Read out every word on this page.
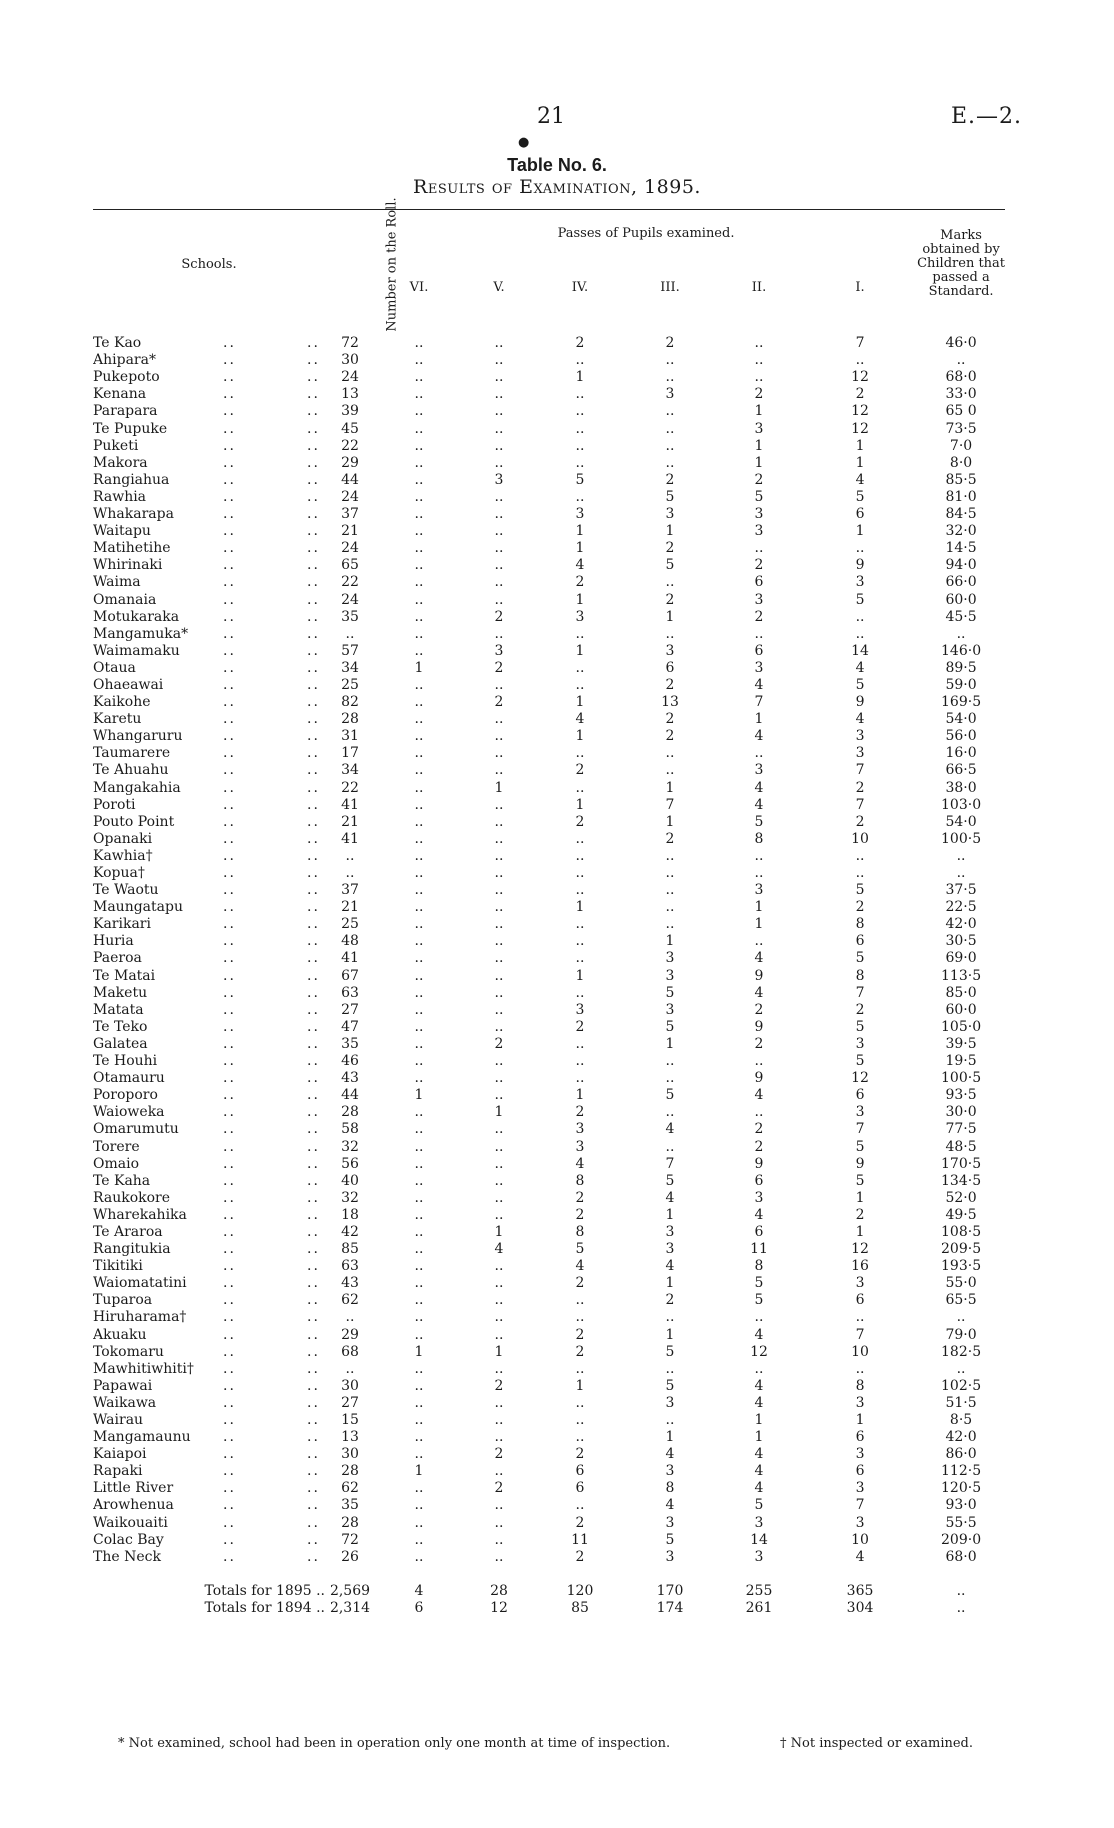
21	E.—2.
●
Table No. 6.
Results of Examination, 1895.
Schools.	Number on the Roll.	Passes of Pupils examined.						Marks obtained by Children that passed a Standard.
		VI.	V.	IV.	III.	II.	I.	

Te Kao .. ..	72	..	..	2	2	..	7	46·0
Ahipara* .. ..	30	..	..	..	..	..	..	..
Pukepoto .. ..	24	..	..	1	..	..	12	68·0
Kenana .. ..	13	..	..	..	3	2	2	33·0
Parapara .. ..	39	..	..	..	..	1	12	65 0
Te Pupuke .. ..	45	..	..	..	..	3	12	73·5
Puketi .. ..	22	..	..	..	..	1	1	7·0
Makora .. ..	29	..	..	..	..	1	1	8·0
Rangiahua .. ..	44	..	3	5	2	2	4	85·5
Rawhia .. ..	24	..	..	..	5	5	5	81·0
Whakarapa .. ..	37	..	..	3	3	3	6	84·5
Waitapu .. ..	21	..	..	1	1	3	1	32·0
Matihetihe .. ..	24	..	..	1	2	..	..	14·5
Whirinaki .. ..	65	..	..	4	5	2	9	94·0
Waima .. ..	22	..	..	2	..	6	3	66·0
Omanaia .. ..	24	..	..	1	2	3	5	60·0
Motukaraka .. ..	35	..	2	3	1	2	..	45·5
Mangamuka* .. ..	..	..	..	..	..	..	..	..
Waimamaku .. ..	57	..	3	1	3	6	14	146·0
Otaua .. ..	34	1	2	..	6	3	4	89·5
Ohaeawai .. ..	25	..	..	..	2	4	5	59·0
Kaikohe .. ..	82	..	2	1	13	7	9	169·5
Karetu .. ..	28	..	..	4	2	1	4	54·0
Whangaruru .. ..	31	..	..	1	2	4	3	56·0
Taumarere .. ..	17	..	..	..	..	..	3	16·0
Te Ahuahu .. ..	34	..	..	2	..	3	7	66·5
Mangakahia .. ..	22	..	1	..	1	4	2	38·0
Poroti .. ..	41	..	..	1	7	4	7	103·0
Pouto Point .. ..	21	..	..	2	1	5	2	54·0
Opanaki .. ..	41	..	..	..	2	8	10	100·5
Kawhia† .. ..	..	..	..	..	..	..	..	..
Kopua† .. ..	..	..	..	..	..	..	..	..
Te Waotu .. ..	37	..	..	..	..	3	5	37·5
Maungatapu .. ..	21	..	..	1	..	1	2	22·5
Karikari .. ..	25	..	..	..	..	1	8	42·0
Huria .. ..	48	..	..	..	1	..	6	30·5
Paeroa .. ..	41	..	..	..	3	4	5	69·0
Te Matai .. ..	67	..	..	1	3	9	8	113·5
Maketu .. ..	63	..	..	..	5	4	7	85·0
Matata .. ..	27	..	..	3	3	2	2	60·0
Te Teko .. ..	47	..	..	2	5	9	5	105·0
Galatea .. ..	35	..	2	..	1	2	3	39·5
Te Houhi .. ..	46	..	..	..	..	..	5	19·5
Otamauru .. ..	43	..	..	..	..	9	12	100·5
Poroporo .. ..	44	1	..	1	5	4	6	93·5
Waioweka .. ..	28	..	1	2	..	..	3	30·0
Omarumutu .. ..	58	..	..	3	4	2	7	77·5
Torere .. ..	32	..	..	3	..	2	5	48·5
Omaio .. ..	56	..	..	4	7	9	9	170·5
Te Kaha .. ..	40	..	..	8	5	6	5	134·5
Raukokore .. ..	32	..	..	2	4	3	1	52·0
Wharekahika .. ..	18	..	..	2	1	4	2	49·5
Te Araroa .. ..	42	..	1	8	3	6	1	108·5
Rangitukia .. ..	85	..	4	5	3	11	12	209·5
Tikitiki .. ..	63	..	..	4	4	8	16	193·5
Waiomatatini .. ..	43	..	..	2	1	5	3	55·0
Tuparoa .. ..	62	..	..	..	2	5	6	65·5
Hiruharama† .. ..	..	..	..	..	..	..	..	..
Akuaku .. ..	29	..	..	2	1	4	7	79·0
Tokomaru .. ..	68	1	1	2	5	12	10	182·5
Mawhitiwhiti† .. ..	..	..	..	..	..	..	..	..
Papawai .. ..	30	..	2	1	5	4	8	102·5
Waikawa .. ..	27	..	..	..	3	4	3	51·5
Wairau .. ..	15	..	..	..	..	1	1	8·5
Mangamaunu .. ..	13	..	..	..	1	1	6	42·0
Kaiapoi .. ..	30	..	2	2	4	4	3	86·0
Rapaki .. ..	28	1	..	6	3	4	6	112·5
Little River .. ..	62	..	2	6	8	4	3	120·5
Arowhenua .. ..	35	..	..	..	4	5	7	93·0
Waikouaiti .. ..	28	..	..	2	3	3	3	55·5
Colac Bay .. ..	72	..	..	11	5	14	10	209·0
The Neck .. ..	26	..	..	2	3	3	4	68·0

Totals for 1895 ..	2,569	4	28	120	170	255	365	..
Totals for 1894 ..	2,314	6	12	85	174	261	304	..
* Not examined, school had been in operation only one month at time of inspection.	† Not inspected or examined.
